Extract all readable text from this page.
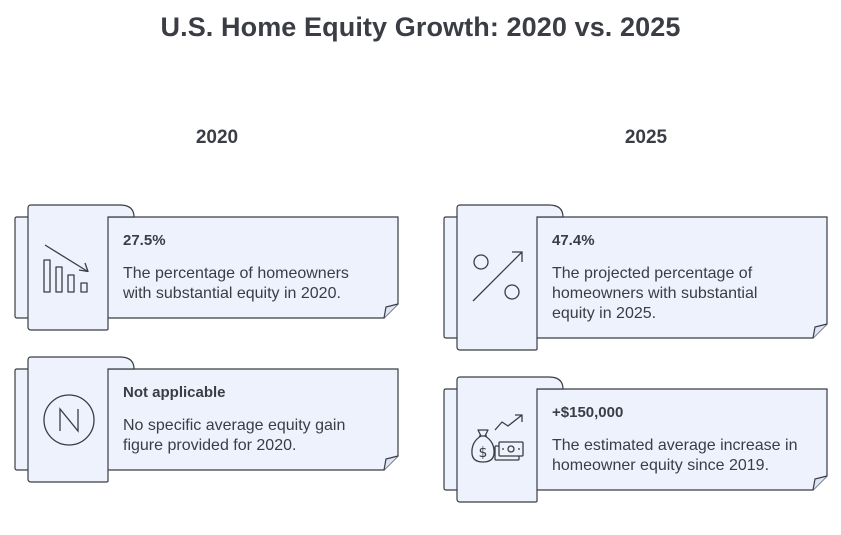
U.S. Home Equity Growth: 2020 vs. 2025
2020	2025
27.5%
The percentage of homeowners with substantial equity in 2020.
Not applicable
No specific average equity gain figure provided for 2020.
47.4%
The projected percentage of homeowners with substantial equity in 2025.
$
+$150,000
The estimated average increase in homeowner equity since 2019.
